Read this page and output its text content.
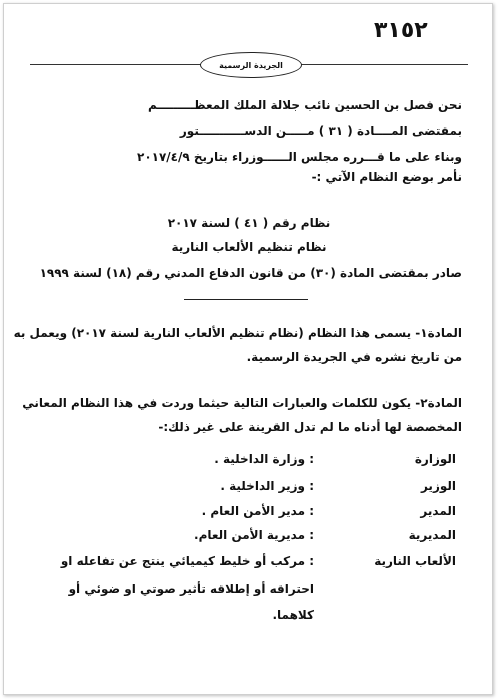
٣١٥٢
الجريدة الرسمية
نحن فصل بن الحسين نائب جلالة الملك المعظـــــــــم
بمقتضى المــــادة ( ٣١ ) مـــــن الدســـــــــــتور
وبناء على ما قـــرره مجلس الــــــوزراء بتاريخ ٢٠١٧/٤/٩
نأمر بوضع النظام الآتي :-
نظام رقم ( ٤١ ) لسنة ٢٠١٧
نظام تنظيم الألعاب النارية
صادر بمقتضى المادة (٣٠) من قانون الدفاع المدني رقم (١٨) لسنة ١٩٩٩
المادة١- يسمى هذا النظام (نظام تنظيم الألعاب النارية لسنة ٢٠١٧) ويعمل به
من تاريخ نشره في الجريدة الرسمية.
المادة٢- يكون للكلمات والعبارات التالية حيثما وردت في هذا النظام المعاني
المخصصة لها أدناه ما لم تدل القرينة على غير ذلك:-
الوزارة
: وزارة الداخلية .
الوزير
: وزير الداخلية .
المدير
: مدير الأمن العام .
المديرية
: مديرية الأمن العام.
الألعاب النارية
: مركب أو خليط كيميائي ينتج عن تفاعله او
احتراقه أو إطلاقه تأثير صوتي او ضوئي أو
كلاهما.
